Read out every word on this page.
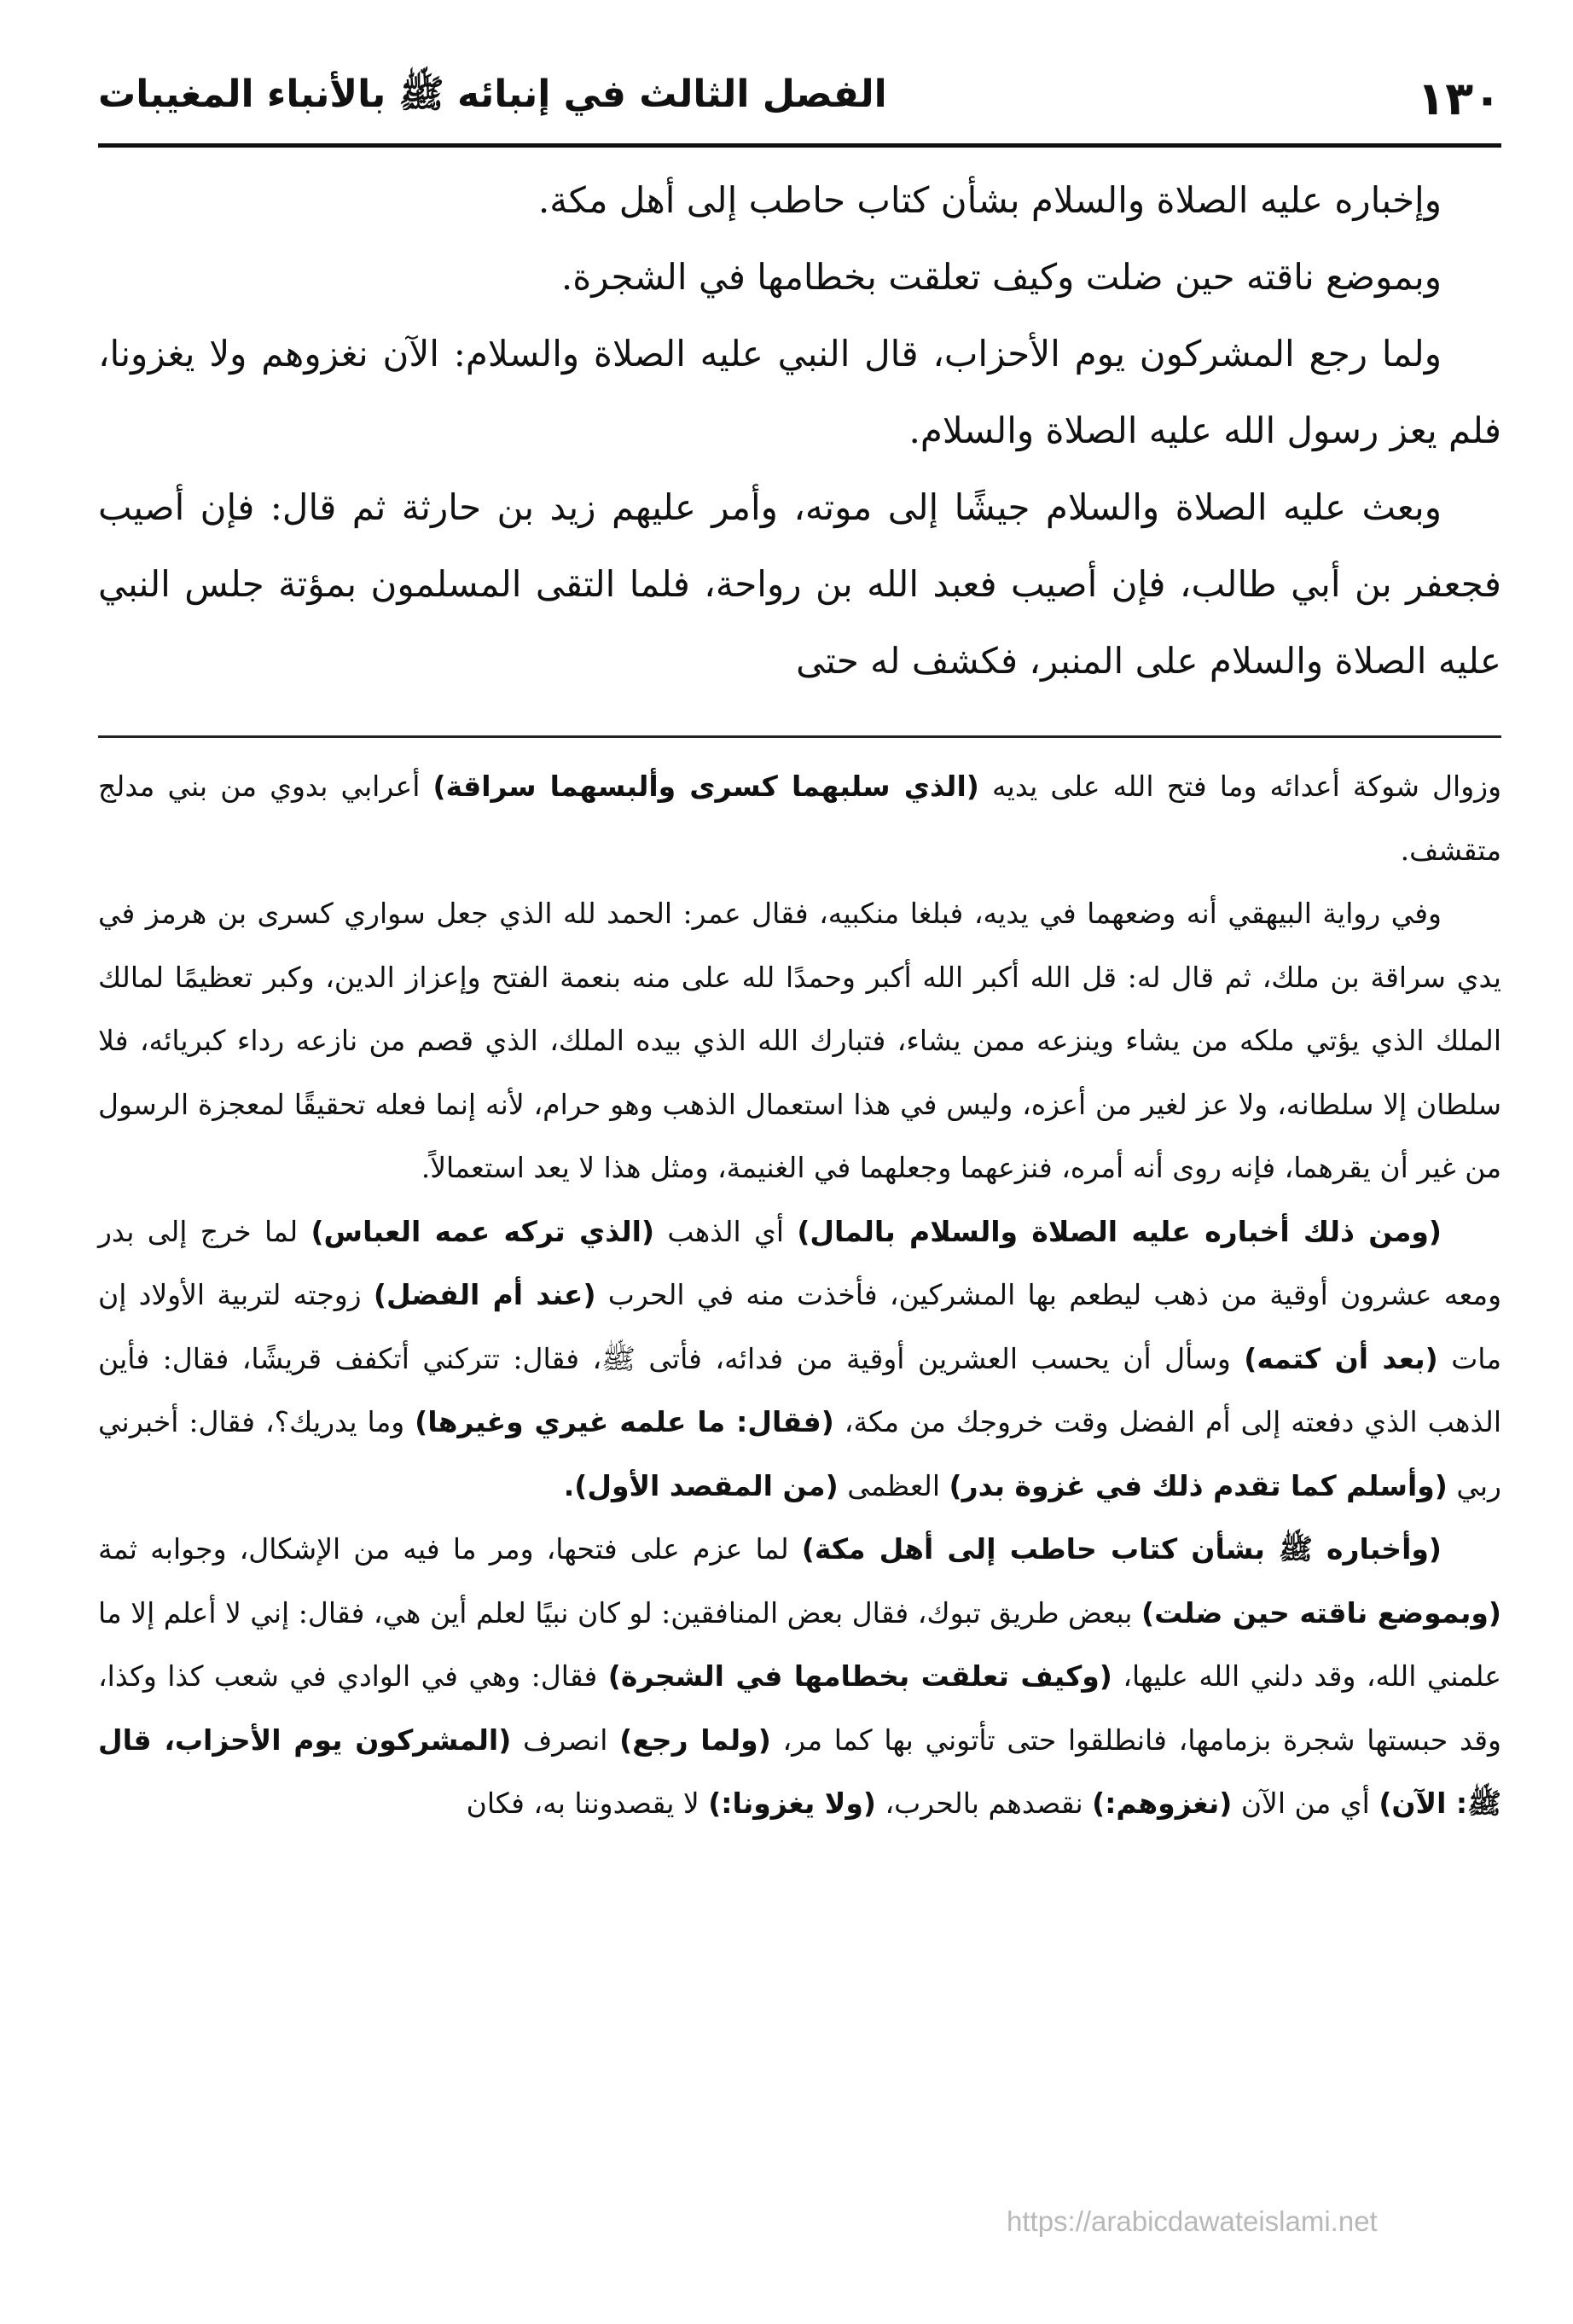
١٣٠
الفصل الثالث في إنبائه ﷺ بالأنباء المغيبات

وإخباره عليه الصلاة والسلام بشأن كتاب حاطب إلى أهل مكة.

وبموضع ناقته حين ضلت وكيف تعلقت بخطامها في الشجرة.

ولما رجع المشركون يوم الأحزاب، قال النبي عليه الصلاة والسلام: الآن نغزوهم ولا يغزونا، فلم يعز رسول الله عليه الصلاة والسلام.

وبعث عليه الصلاة والسلام جيشًا إلى موته، وأمر عليهم زيد بن حارثة ثم قال: فإن أصيب فجعفر بن أبي طالب، فإن أصيب فعبد الله بن رواحة، فلما التقى المسلمون بمؤتة جلس النبي عليه الصلاة والسلام على المنبر، فكشف له حتى

وزوال شوكة أعدائه وما فتح الله على يديه (الذي سلبهما كسرى وألبسهما سراقة) أعرابي بدوي من بني مدلج متقشف.

وفي رواية البيهقي أنه وضعهما في يديه، فبلغا منكبيه، فقال عمر: الحمد لله الذي جعل سواري كسرى بن هرمز في يدي سراقة بن ملك، ثم قال له: قل الله أكبر الله أكبر وحمدًا لله على منه بنعمة الفتح وإعزاز الدين، وكبر تعظيمًا لمالك الملك الذي يؤتي ملكه من يشاء وينزعه ممن يشاء، فتبارك الله الذي بيده الملك، الذي قصم من نازعه رداء كبريائه، فلا سلطان إلا سلطانه، ولا عز لغير من أعزه، وليس في هذا استعمال الذهب وهو حرام، لأنه إنما فعله تحقيقًا لمعجزة الرسول من غير أن يقرهما، فإنه روى أنه أمره، فنزعهما وجعلهما في الغنيمة، ومثل هذا لا يعد استعمالاً.

(ومن ذلك أخباره عليه الصلاة والسلام بالمال) أي الذهب (الذي تركه عمه العباس) لما خرج إلى بدر ومعه عشرون أوقية من ذهب ليطعم بها المشركين، فأخذت منه في الحرب (عند أم الفضل) زوجته لتربية الأولاد إن مات (بعد أن كتمه) وسأل أن يحسب العشرين أوقية من فدائه، فأتى ﷺ، فقال: تتركني أتكفف قريشًا، فقال: فأين الذهب الذي دفعته إلى أم الفضل وقت خروجك من مكة، (فقال: ما علمه غيري وغيرها) وما يدريك؟، فقال: أخبرني ربي (وأسلم كما تقدم ذلك في غزوة بدر) العظمى (من المقصد الأول).

(وأخباره ﷺ بشأن كتاب حاطب إلى أهل مكة) لما عزم على فتحها، ومر ما فيه من الإشكال، وجوابه ثمة (وبموضع ناقته حين ضلت) ببعض طريق تبوك، فقال بعض المنافقين: لو كان نبيًا لعلم أين هي، فقال: إني لا أعلم إلا ما علمني الله، وقد دلني الله عليها، (وكيف تعلقت بخطامها في الشجرة) فقال: وهي في الوادي في شعب كذا وكذا، وقد حبستها شجرة بزمامها، فانطلقوا حتى تأتوني بها كما مر، (ولما رجع) انصرف (المشركون يوم الأحزاب، قال ﷺ: الآن) أي من الآن (نغزوهم:) نقصدهم بالحرب، (ولا يغزونا:) لا يقصدوننا به، فكان

https://arabicdawateislami.net
